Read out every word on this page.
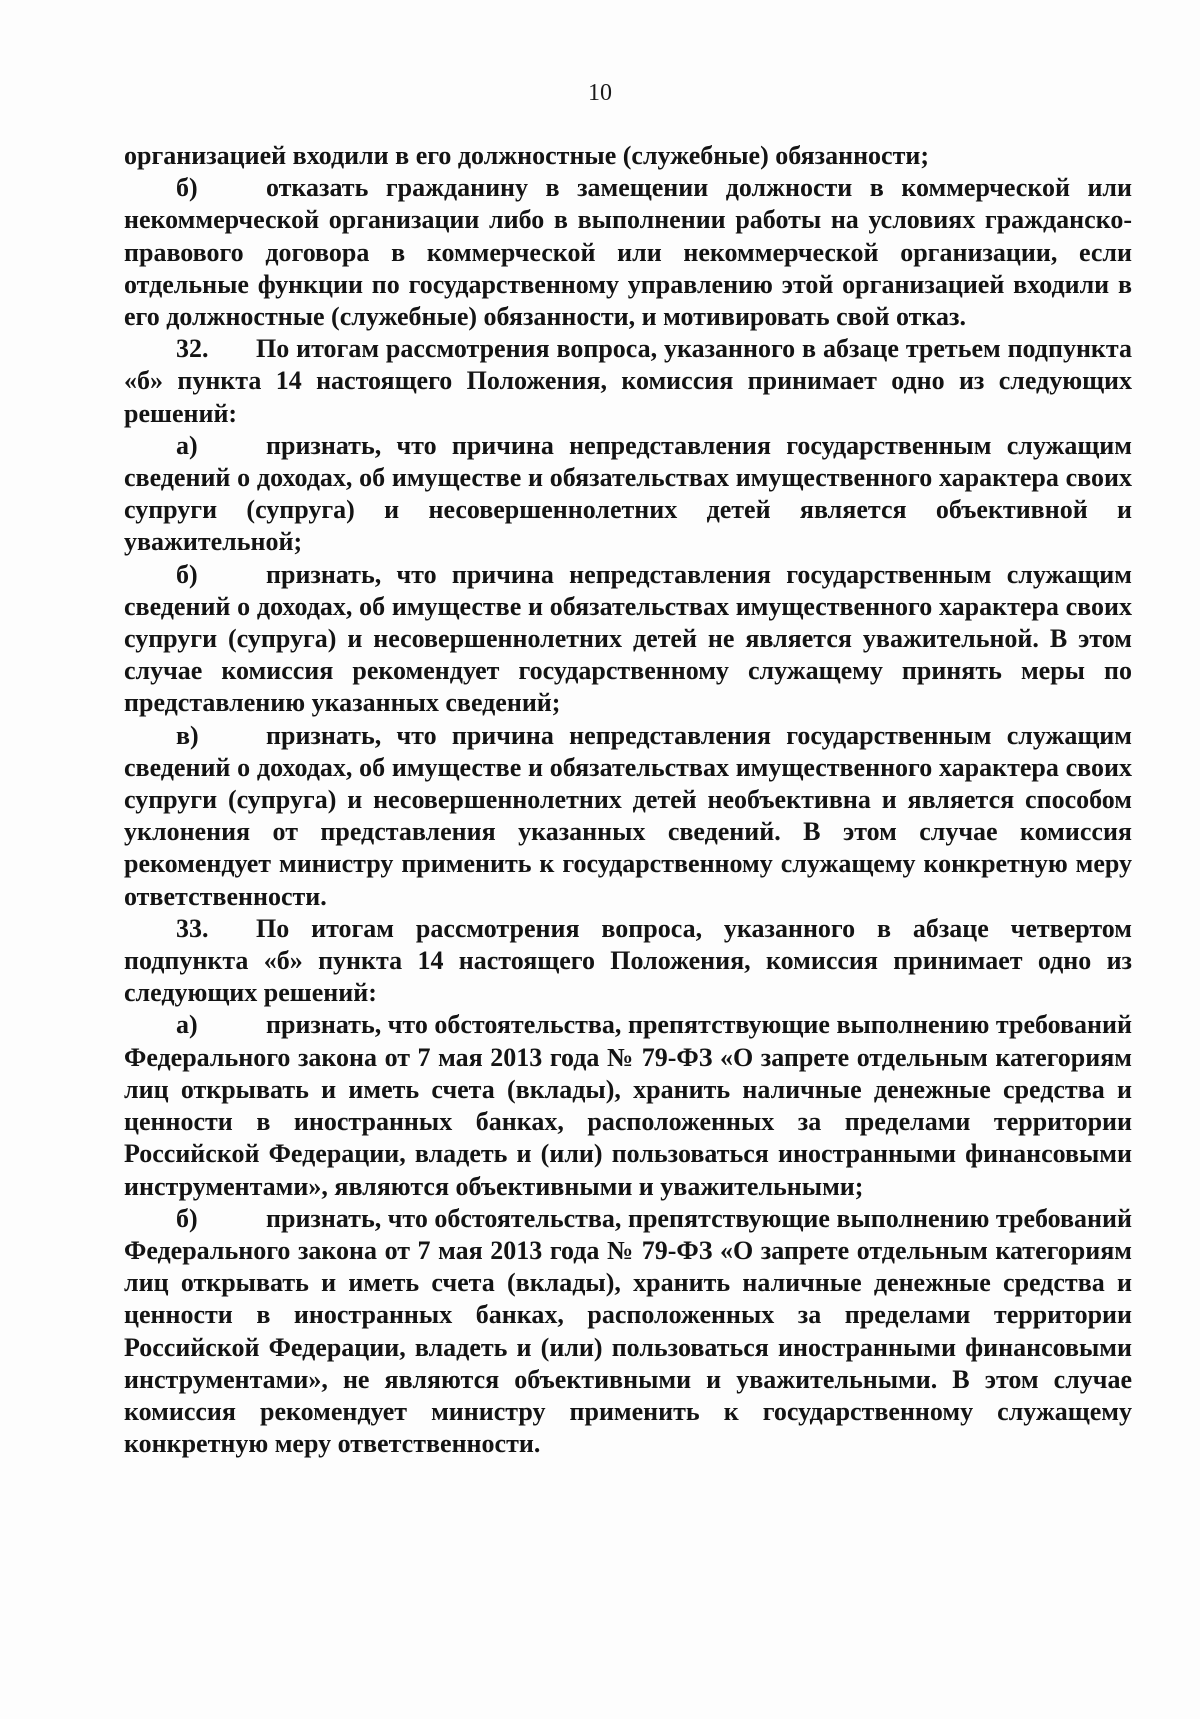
10

организацией входили в его должностные (служебные) обязанности;

б)	отказать гражданину в замещении должности в коммерческой или некоммерческой организации либо в выполнении работы на условиях гражданско-правового договора в коммерческой или некоммерческой организации, если отдельные функции по государственному управлению этой организацией входили в его должностные (служебные) обязанности, и мотивировать свой отказ.

32. По итогам рассмотрения вопроса, указанного в абзаце третьем подпункта «б» пункта 14 настоящего Положения, комиссия принимает одно из следующих решений:

а)	признать, что причина непредставления государственным служащим сведений о доходах, об имуществе и обязательствах имущественного характера своих супруги (супруга) и несовершеннолетних детей является объективной и уважительной;

б)	признать, что причина непредставления государственным служащим сведений о доходах, об имуществе и обязательствах имущественного характера своих супруги (супруга) и несовершеннолетних детей не является уважительной. В этом случае комиссия рекомендует государственному служащему принять меры по представлению указанных сведений;

в)	признать, что причина непредставления государственным служащим сведений о доходах, об имуществе и обязательствах имущественного характера своих супруги (супруга) и несовершеннолетних детей необъективна и является способом уклонения от представления указанных сведений. В этом случае комиссия рекомендует министру применить к государственному служащему конкретную меру ответственности.

33. По итогам рассмотрения вопроса, указанного в абзаце четвертом подпункта «б» пункта 14 настоящего Положения, комиссия принимает одно из следующих решений:

а)	признать, что обстоятельства, препятствующие выполнению требований Федерального закона от 7 мая 2013 года № 79-ФЗ «О запрете отдельным категориям лиц открывать и иметь счета (вклады), хранить наличные денежные средства и ценности в иностранных банках, расположенных за пределами территории Российской Федерации, владеть и (или) пользоваться иностранными финансовыми инструментами», являются объективными и уважительными;

б)	признать, что обстоятельства, препятствующие выполнению требований Федерального закона от 7 мая 2013 года № 79-ФЗ «О запрете отдельным категориям лиц открывать и иметь счета (вклады), хранить наличные денежные средства и ценности в иностранных банках, расположенных за пределами территории Российской Федерации, владеть и (или) пользоваться иностранными финансовыми инструментами», не являются объективными и уважительными. В этом случае комиссия рекомендует министру применить к государственному служащему конкретную меру ответственности.
